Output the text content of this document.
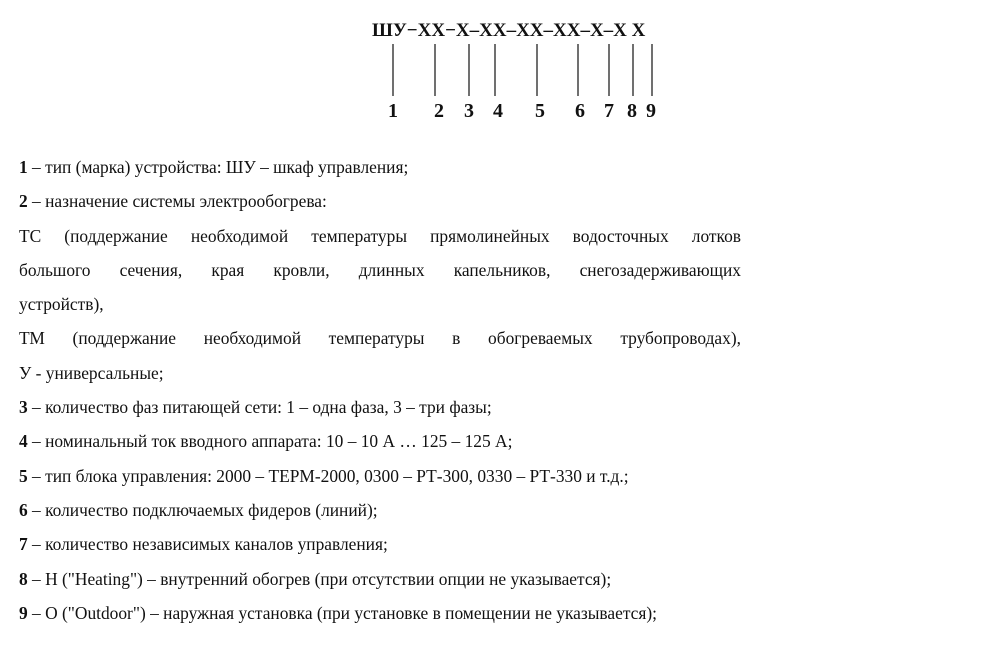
ШУ−ХХ−Х–ХХ–ХХ–ХХ–Х–Х Х
1 2 3 4 5 6 7 8 9

1 – тип (марка) устройства: ШУ – шкаф управления;

2 – назначение системы электрообогрева:

ТС (поддержание необходимой температуры прямолинейных водосточных лотков

большого сечения, края кровли, длинных капельников, снегозадерживающих

устройств),

ТМ (поддержание необходимой температуры в обогреваемых трубопроводах),

У - универсальные;

3 – количество фаз питающей сети: 1 – одна фаза, 3 – три фазы;

4 – номинальный ток вводного аппарата: 10 – 10 А … 125 – 125 А;

5 – тип блока управления: 2000 – ТЕРМ-2000, 0300 – РТ-300, 0330 – РТ-330 и т.д.;

6 – количество подключаемых фидеров (линий);

7 – количество независимых каналов управления;

8 – Н ("Heating") – внутренний обогрев (при отсутствии опции не указывается);

9 – О ("Outdoor") – наружная установка (при установке в помещении не указывается);
